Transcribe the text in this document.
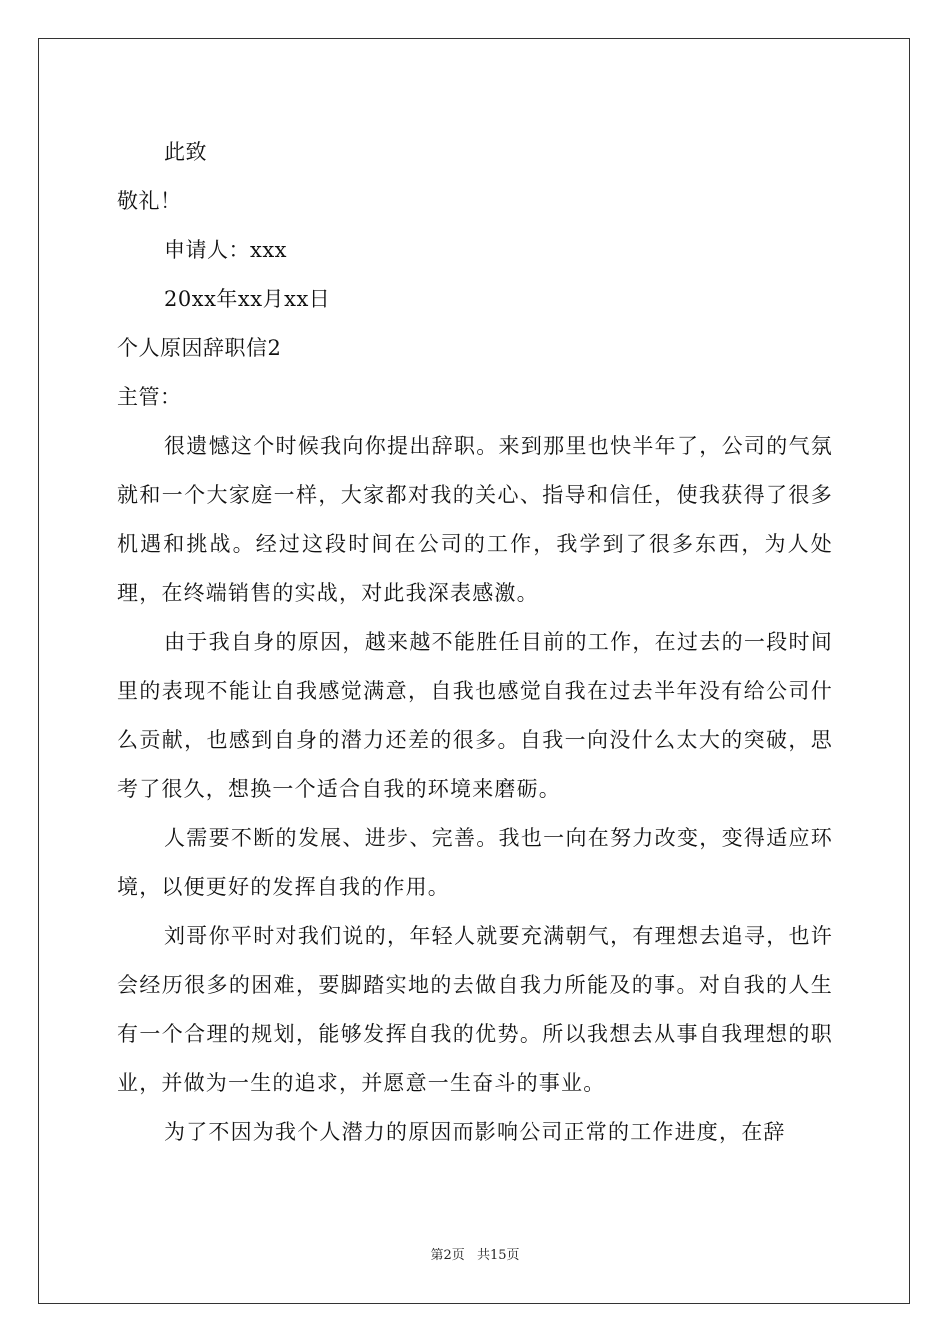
此致
敬礼！
申请人：xxx
20xx年xx月xx日
个人原因辞职信2
主管：

很遗憾这个时候我向你提出辞职。来到那里也快半年了，公司的气氛就和一个大家庭一样，大家都对我的关心、指导和信任，使我获得了很多机遇和挑战。经过这段时间在公司的工作，我学到了很多东西，为人处理，在终端销售的实战，对此我深表感激。

由于我自身的原因，越来越不能胜任目前的工作，在过去的一段时间里的表现不能让自我感觉满意，自我也感觉自我在过去半年没有给公司什么贡献，也感到自身的潜力还差的很多。自我一向没什么太大的突破，思考了很久，想换一个适合自我的环境来磨砺。

人需要不断的发展、进步、完善。我也一向在努力改变，变得适应环境，以便更好的发挥自我的作用。

刘哥你平时对我们说的，年轻人就要充满朝气，有理想去追寻，也许会经历很多的困难，要脚踏实地的去做自我力所能及的事。对自我的人生有一个合理的规划，能够发挥自我的优势。所以我想去从事自我理想的职业，并做为一生的追求，并愿意一生奋斗的事业。

为了不因为我个人潜力的原因而影响公司正常的工作进度，在辞

第2页 共15页
